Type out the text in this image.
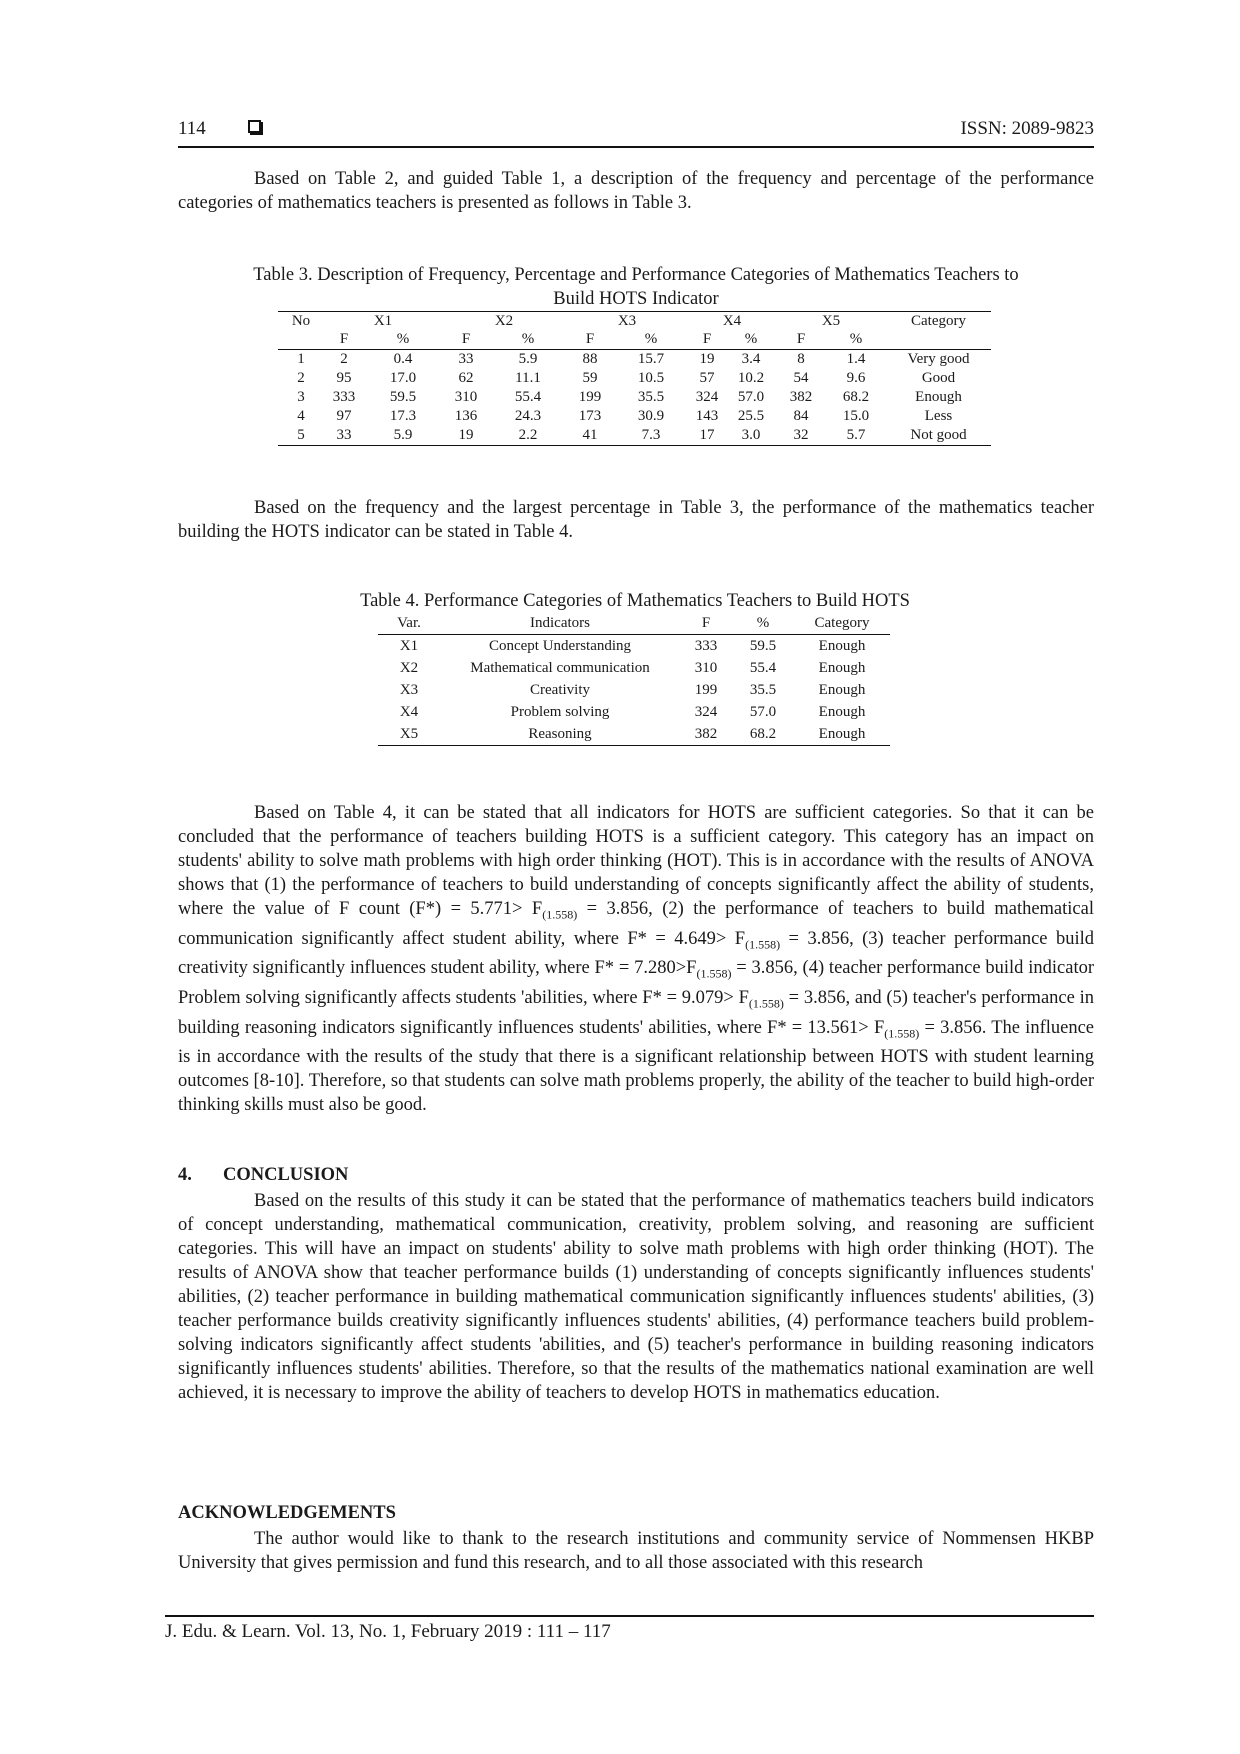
114	ISSN: 2089-9823

Based on Table 2, and guided Table 1, a description of the frequency and percentage of the performance categories of mathematics teachers is presented as follows in Table 3.

Table 3. Description of Frequency, Percentage and Performance Categories of Mathematics Teachers to
Build HOTS Indicator

No	X1		X2		X3		X4		X5		Category
	F	%	F	%	F	%	F	%	F	%	
1	2	0.4	33	5.9	88	15.7	19	3.4	8	1.4	Very good
2	95	17.0	62	11.1	59	10.5	57	10.2	54	9.6	Good
3	333	59.5	310	55.4	199	35.5	324	57.0	382	68.2	Enough
4	97	17.3	136	24.3	173	30.9	143	25.5	84	15.0	Less
5	33	5.9	19	2.2	41	7.3	17	3.0	32	5.7	Not good

Based on the frequency and the largest percentage in Table 3, the performance of the mathematics teacher building the HOTS indicator can be stated in Table 4.

Table 4. Performance Categories of Mathematics Teachers to Build HOTS

Var.	Indicators	F	%	Category
X1	Concept Understanding	333	59.5	Enough
X2	Mathematical communication	310	55.4	Enough
X3	Creativity	199	35.5	Enough
X4	Problem solving	324	57.0	Enough
X5	Reasoning	382	68.2	Enough

Based on Table 4, it can be stated that all indicators for HOTS are sufficient categories. So that it can be concluded that the performance of teachers building HOTS is a sufficient category. This category has an impact on students' ability to solve math problems with high order thinking (HOT). This is in accordance with the results of ANOVA shows that (1) the performance of teachers to build understanding of concepts significantly affect the ability of students, where the value of F count $(F*) = 5.771> F_{(1.558)} = 3.856$, (2) the performance of teachers to build mathematical communication significantly affect student ability, where $F* = 4.649> F_{(1.558)} = 3.856$, (3) teacher performance build creativity significantly influences student ability, where $F* = 7.280>F_{(1.558)} = 3.856$, (4) teacher performance build indicator Problem solving significantly affects students 'abilities, where $F* = 9.079> F_{(1.558)} = 3.856$, and (5) teacher's performance in building reasoning indicators significantly influences students' abilities, where $F* = 13.561> F_{(1.558)} = 3.856$. The influence is in accordance with the results of the study that there is a significant relationship between HOTS with student learning outcomes [8-10]. Therefore, so that students can solve math problems properly, the ability of the teacher to build high-order thinking skills must also be good.

4. CONCLUSION

Based on the results of this study it can be stated that the performance of mathematics teachers build indicators of concept understanding, mathematical communication, creativity, problem solving, and reasoning are sufficient categories. This will have an impact on students' ability to solve math problems with high order thinking (HOT). The results of ANOVA show that teacher performance builds (1) understanding of concepts significantly influences students' abilities, (2) teacher performance in building mathematical communication significantly influences students' abilities, (3) teacher performance builds creativity significantly influences students' abilities, (4) performance teachers build problem-solving indicators significantly affect students 'abilities, and (5) teacher's performance in building reasoning indicators significantly influences students' abilities. Therefore, so that the results of the mathematics national examination are well achieved, it is necessary to improve the ability of teachers to develop HOTS in mathematics education.

ACKNOWLEDGEMENTS

The author would like to thank to the research institutions and community service of Nommensen HKBP University that gives permission and fund this research, and to all those associated with this research

J. Edu. & Learn. Vol. 13, No. 1, February 2019 : 111 – 117
